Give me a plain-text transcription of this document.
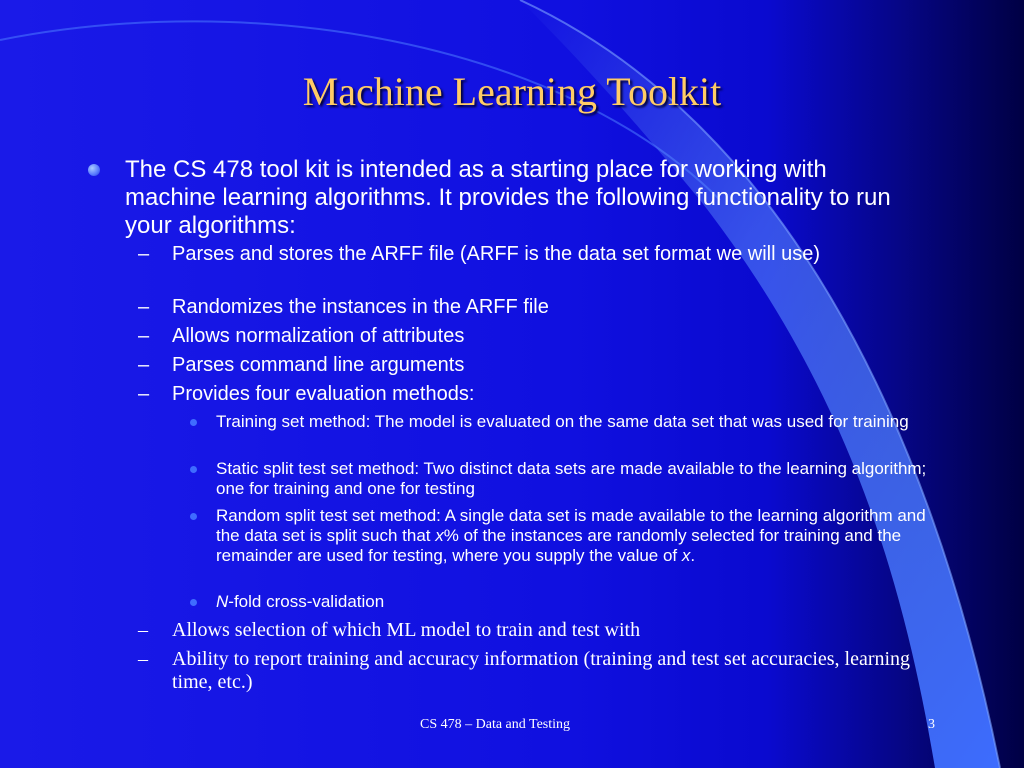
Machine Learning Toolkit
The CS 478 tool kit is intended as a starting place for working with machine learning algorithms. It provides the following functionality to run your algorithms:
– Parses and stores the ARFF file (ARFF is the data set format we will use)
– Randomizes the instances in the ARFF file
– Allows normalization of attributes
– Parses command line arguments
– Provides four evaluation methods:
Training set method: The model is evaluated on the same data set that was used for training
Static split test set method: Two distinct data sets are made available to the learning algorithm; one for training and one for testing
Random split test set method: A single data set is made available to the learning algorithm and the data set is split such that x% of the instances are randomly selected for training and the remainder are used for testing, where you supply the value of x.
N-fold cross-validation
– Allows selection of which ML model to train and test with
– Ability to report training and accuracy information (training and test set accuracies, learning time, etc.)
CS 478 – Data and Testing	3
